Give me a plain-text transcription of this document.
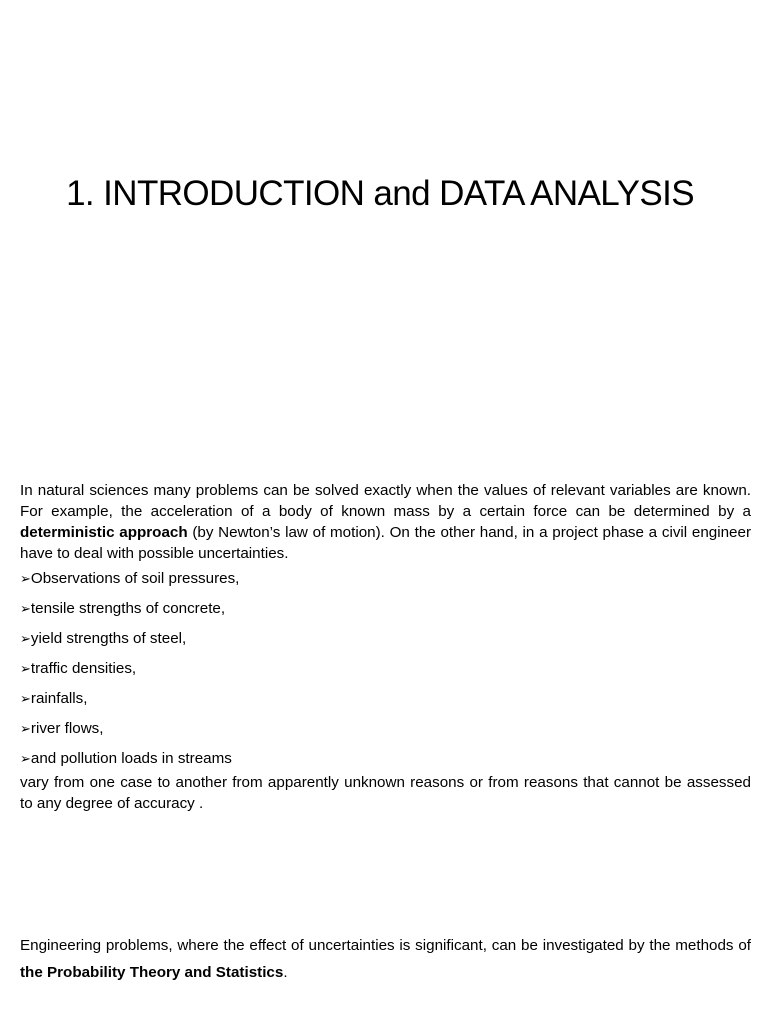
1. INTRODUCTION and DATA ANALYSIS

In natural sciences many problems can be solved exactly when the values of relevant variables are known. For example, the acceleration of a body of known mass by a certain force can be determined by a deterministic approach (by Newton’s law of motion). On the other hand, in a project phase a civil engineer have to deal with possible uncertainties.

➢Observations of soil pressures,
➢tensile strengths of concrete,
➢yield strengths of steel,
➢traffic densities,
➢rainfalls,
➢river flows,
➢and pollution loads in streams

vary from one case to another from apparently unknown reasons or from reasons that cannot be assessed to any degree of accuracy .

Engineering problems, where the effect of uncertainties is significant, can be investigated by the methods of the Probability Theory and Statistics.
